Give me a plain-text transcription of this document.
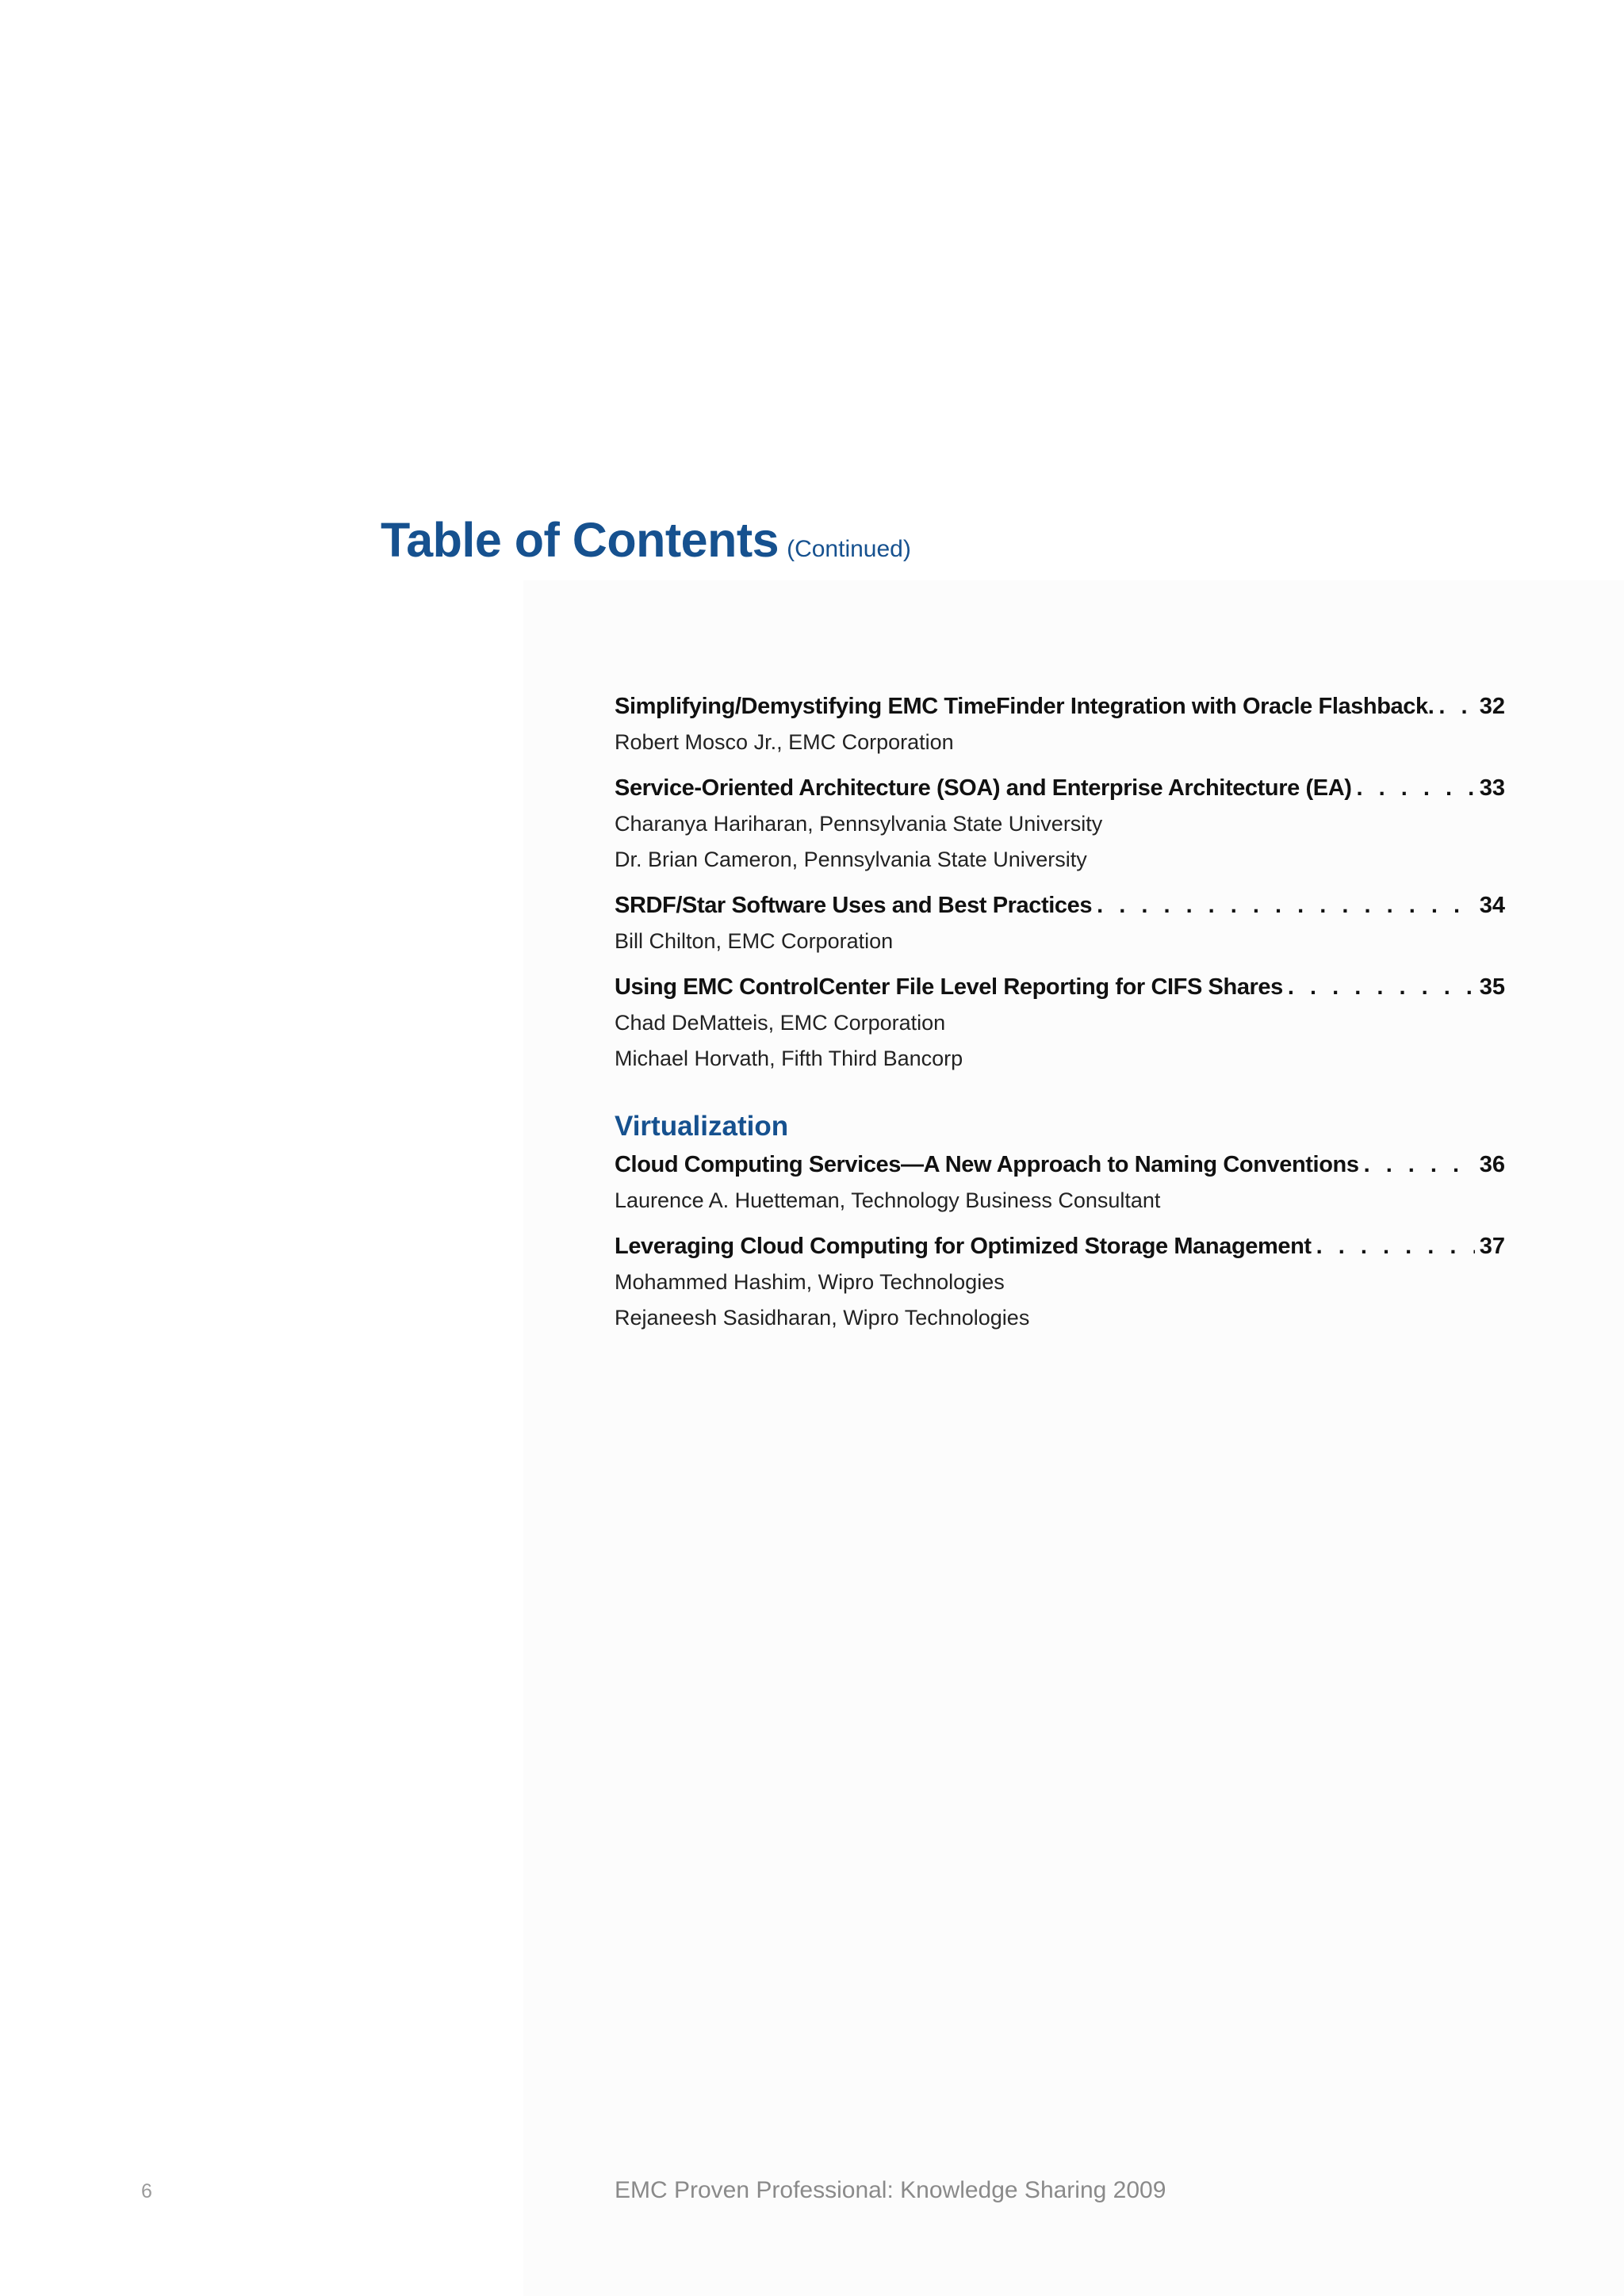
Table of Contents (Continued)
Simplifying/Demystifying EMC TimeFinder Integration with Oracle Flashback. . . . 32
Robert Mosco Jr., EMC Corporation
Service-Oriented Architecture (SOA) and Enterprise Architecture (EA) . . .	33
Charanya Hariharan, Pennsylvania State University
Dr. Brian Cameron, Pennsylvania State University
SRDF/Star Software Uses and Best Practices . . .	34
Bill Chilton, EMC Corporation
Using EMC ControlCenter File Level Reporting for CIFS Shares . . .	35
Chad DeMatteis, EMC Corporation
Michael Horvath, Fifth Third Bancorp
Virtualization
Cloud Computing Services—A New Approach to Naming Conventions . . .	36
Laurence A. Huetteman, Technology Business Consultant
Leveraging Cloud Computing for Optimized Storage Management . . .	37
Mohammed Hashim, Wipro Technologies
Rejaneesh Sasidharan, Wipro Technologies
6	EMC Proven Professional: Knowledge Sharing 2009
